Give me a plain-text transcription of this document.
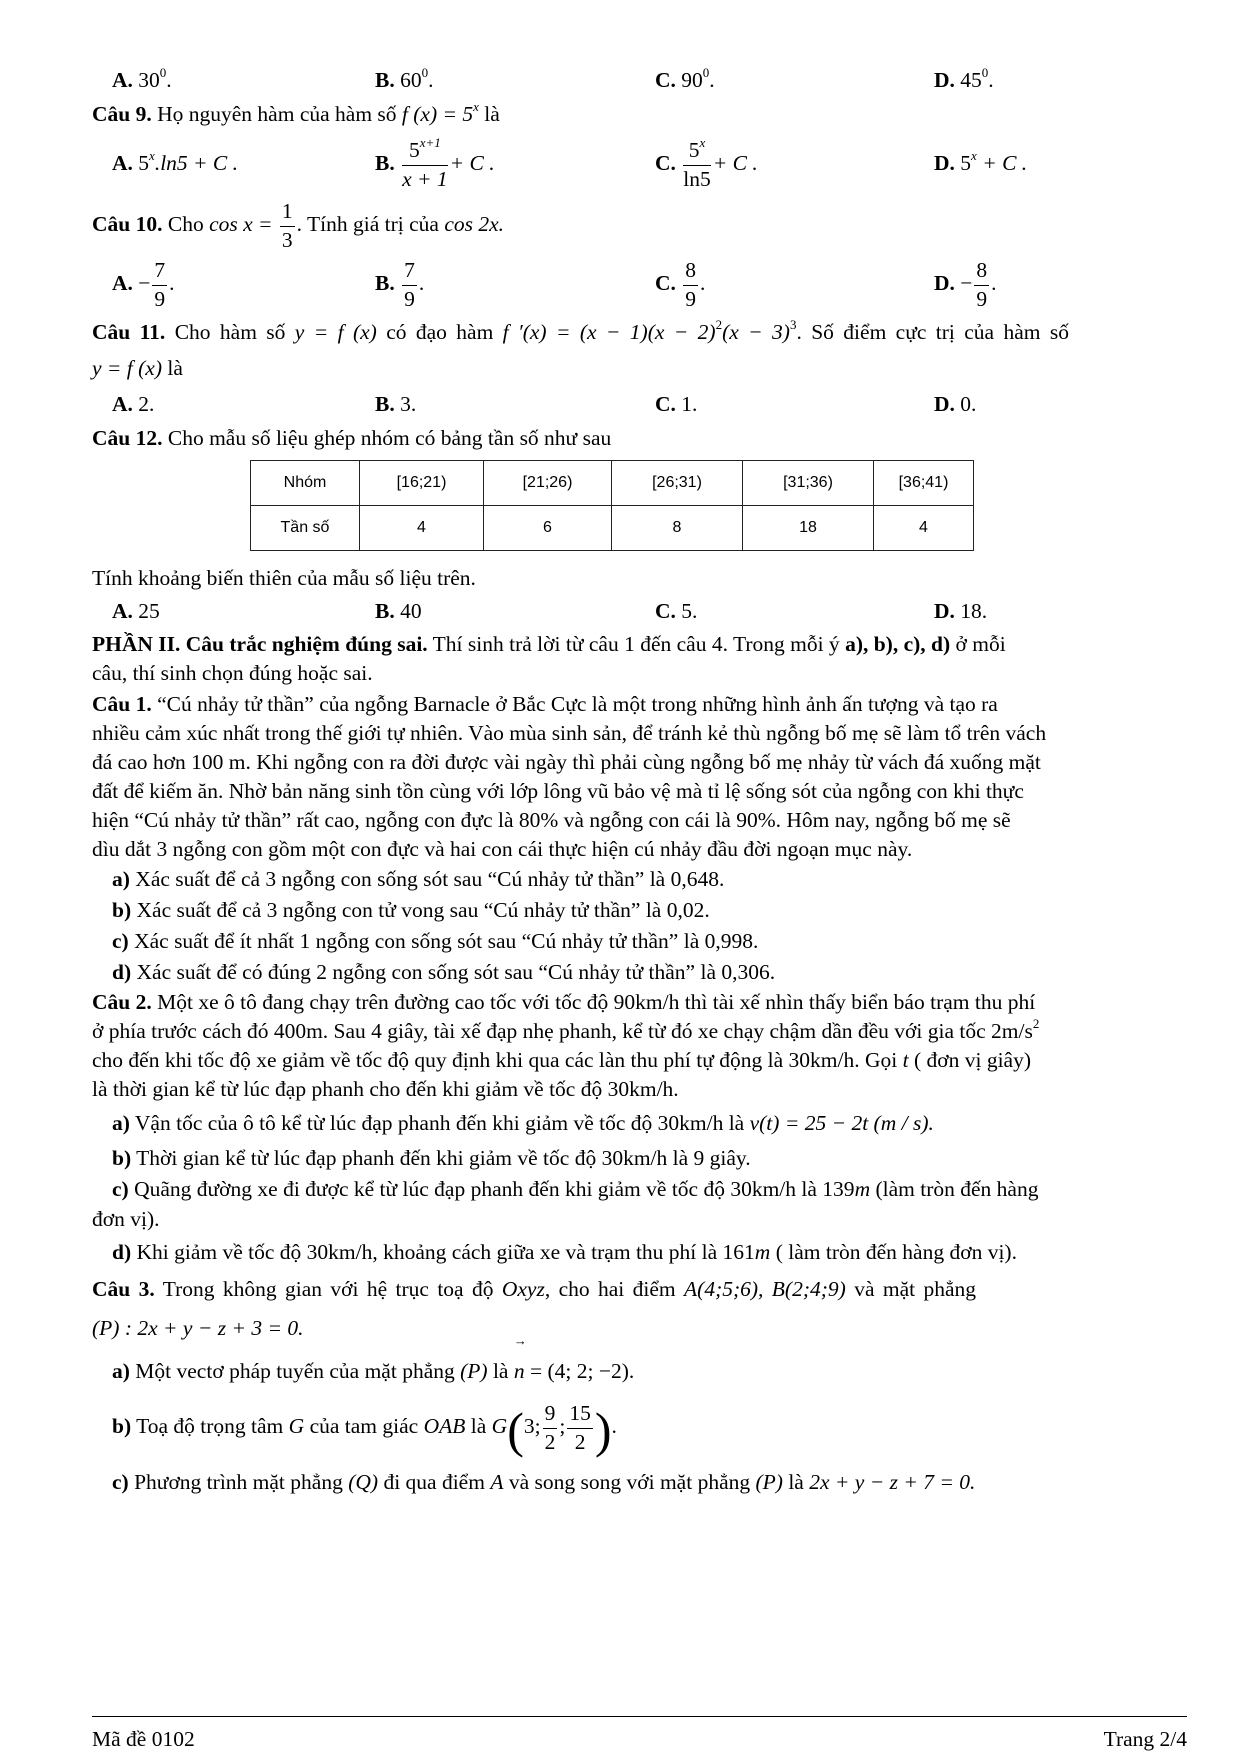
A. $30^0$.	B. $60^0$.	C. $90^0$.	D. $45^0$.
Câu 9. Họ nguyên hàm của hàm số f $(x) = 5^x$ là
A. $5^x.\ln 5 + C$ .	B. $\frac{5^{x+1}}{x + 1} + C$ .	C. $\frac{5^x}{\ln 5} + C$ .	D. $5^x + C$ .
Câu 10. Cho $\cos x = \frac{1}{3}$ . Tính giá trị của cos 2x.
A. − $\frac{7}{9}$ .	B. $\frac{7}{9}$ .	C. $\frac{8}{9}$ .	D. − $\frac{8}{9}$ .
Câu 11. Cho hàm số y = f (x) có đạo hàm f $'(x) = (x - 1)(x - 2)^2(x - 3)^3$. Số điểm cực trị của hàm số
y = f (x) là
A. 2.	B. 3.	C. 1.	D. 0.
Câu 12. Cho mẫu số liệu ghép nhóm có bảng tần số như sau
Nhóm	[16;21)	[21;26)	[26;31)	[31;36)	[36;41)
Tần số	4	6	8	18	4
Tính khoảng biến thiên của mẫu số liệu trên.
A. 25	B. 40	C. 5.	D. 18.
PHẦN II. Câu trắc nghiệm đúng sai. Thí sinh trả lời từ câu 1 đến câu 4. Trong mỗi ý a), b), c), d) ở mỗi
câu, thí sinh chọn đúng hoặc sai.
Câu 1. “Cú nhảy tử thần” của ngỗng Barnacle ở Bắc Cực là một trong những hình ảnh ấn tượng và tạo ra
nhiều cảm xúc nhất trong thế giới tự nhiên. Vào mùa sinh sản, để tránh kẻ thù ngỗng bố mẹ sẽ làm tổ trên vách
đá cao hơn 100 m. Khi ngỗng con ra đời được vài ngày thì phải cùng ngỗng bố mẹ nhảy từ vách đá xuống mặt
đất để kiếm ăn. Nhờ bản năng sinh tồn cùng với lớp lông vũ bảo vệ mà tỉ lệ sống sót của ngỗng con khi thực
hiện “Cú nhảy tử thần” rất cao, ngỗng con đực là 80% và ngỗng con cái là 90%. Hôm nay, ngỗng bố mẹ sẽ
dìu dắt 3 ngỗng con gồm một con đực và hai con cái thực hiện cú nhảy đầu đời ngoạn mục này.
a) Xác suất để cả 3 ngỗng con sống sót sau “Cú nhảy tử thần” là 0,648.
b) Xác suất để cả 3 ngỗng con tử vong sau “Cú nhảy tử thần” là 0,02.
c) Xác suất để ít nhất 1 ngỗng con sống sót sau “Cú nhảy tử thần” là 0,998.
d) Xác suất để có đúng 2 ngỗng con sống sót sau “Cú nhảy tử thần” là 0,306.
Câu 2. Một xe ô tô đang chạy trên đường cao tốc với tốc độ 90km/h thì tài xế nhìn thấy biển báo trạm thu phí
ở phía trước cách đó 400m. Sau 4 giây, tài xế đạp nhẹ phanh, kể từ đó xe chạy chậm dần đều với gia tốc $2m/s^2$
cho đến khi tốc độ xe giảm về tốc độ quy định khi qua các làn thu phí tự động là 30km/h. Gọi t ( đơn vị giây)
là thời gian kể từ lúc đạp phanh cho đến khi giảm về tốc độ 30km/h.
a) Vận tốc của ô tô kể từ lúc đạp phanh đến khi giảm về tốc độ 30km/h là v(t) = 25 − 2t (m / s).
b) Thời gian kể từ lúc đạp phanh đến khi giảm về tốc độ 30km/h là 9 giây.
c) Quãng đường xe đi được kể từ lúc đạp phanh đến khi giảm về tốc độ 30km/h là 139m (làm tròn đến hàng
đơn vị).
d) Khi giảm về tốc độ 30km/h, khoảng cách giữa xe và trạm thu phí là 161m ( làm tròn đến hàng đơn vị).
Câu 3. Trong không gian với hệ trục toạ độ Oxyz, cho hai điểm A(4;5;6), B(2;4;9) và mặt phẳng
(P) : 2x + y − z + 3 = 0.
a) Một vectơ pháp tuyến của mặt phẳng (P) là n
→
= (4; 2; −2).
b) Toạ độ trọng tâm G của tam giác OAB là G(3; $\frac{9}{2}$ ; $\frac{15}{2}$ ).
c) Phương trình mặt phẳng (Q) đi qua điểm A và song song với mặt phẳng (P) là 2x + y − z + 7 = 0.
Mã đề 0102	Trang 2/4
